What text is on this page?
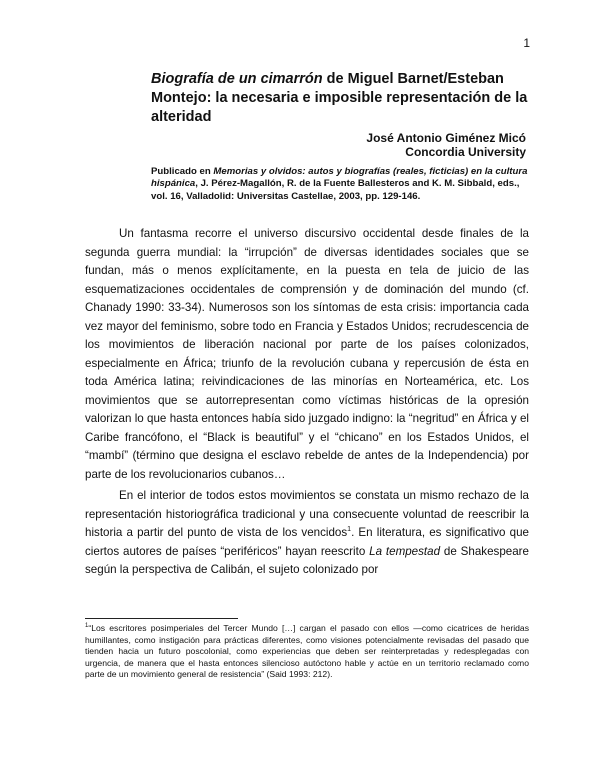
1
Biografía de un cimarrón de Miguel Barnet/Esteban Montejo: la necesaria e imposible representación de la alteridad
José Antonio Giménez Micó
Concordia University

Publicado en Memorias y olvidos: autos y biografías (reales, ficticias) en la cultura hispánica, J. Pérez-Magallón, R. de la Fuente Ballesteros and K. M. Sibbald, eds., vol. 16, Valladolid: Universitas Castellae, 2003, pp. 129-146.

Un fantasma recorre el universo discursivo occidental desde finales de la segunda guerra mundial: la “irrupción” de diversas identidades sociales que se fundan, más o menos explícitamente, en la puesta en tela de juicio de las esquematizaciones occidentales de comprensión y de dominación del mundo (cf. Chanady 1990: 33-34). Numerosos son los síntomas de esta crisis: importancia cada vez mayor del feminismo, sobre todo en Francia y Estados Unidos; recrudescencia de los movimientos de liberación nacional por parte de los países colonizados, especialmente en África; triunfo de la revolución cubana y repercusión de ésta en toda América latina; reivindicaciones de las minorías en Norteamérica, etc. Los movimientos que se autorrepresentan como víctimas históricas de la opresión valorizan lo que hasta entonces había sido juzgado indigno: la “negritud” en África y el Caribe francófono, el “Black is beautiful” y el “chicano” en los Estados Unidos, el “mambí” (término que designa el esclavo rebelde de antes de la Independencia) por parte de los revolucionarios cubanos…

En el interior de todos estos movimientos se constata un mismo rechazo de la representación historiográfica tradicional y una consecuente voluntad de reescribir la historia a partir del punto de vista de los vencidos$^1$. En literatura, es significativo que ciertos autores de países “periféricos” hayan reescrito La tempestad de Shakespeare según la perspectiva de Calibán, el sujeto colonizado por

$^1$“Los escritores posimperiales del Tercer Mundo […] cargan el pasado con ellos —como cicatrices de heridas humillantes, como instigación para prácticas diferentes, como visiones potencialmente revisadas del pasado que tienden hacia un futuro poscolonial, como experiencias que deben ser reinterpretadas y redesplegadas con urgencia, de manera que el hasta entonces silencioso autóctono hable y actúe en un territorio reclamado como parte de un movimiento general de resistencia” (Said 1993: 212).
